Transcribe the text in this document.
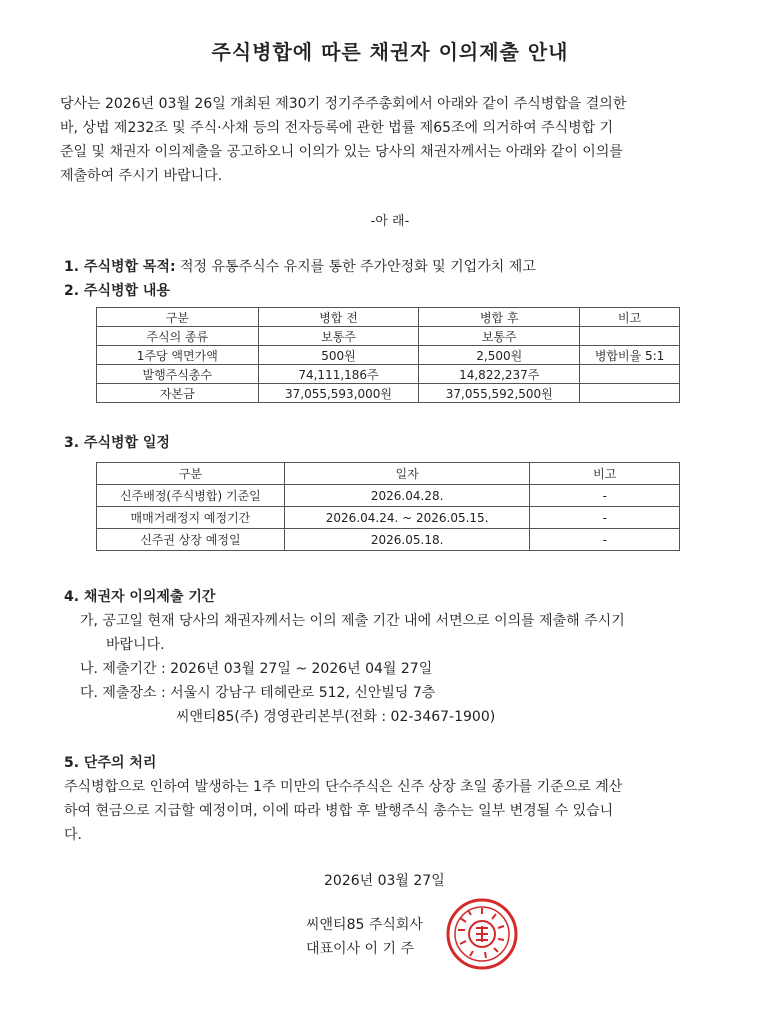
주식병합에 따른 채권자 이의제출 안내
당사는 2026년 03월 26일 개최된 제30기 정기주주총회에서 아래와 같이 주식병합을 결의한
바, 상법 제232조 및 주식·사채 등의 전자등록에 관한 법률 제65조에 의거하여 주식병합 기
준일 및 채권자 이의제출을 공고하오니 이의가 있는 당사의 채권자께서는 아래와 같이 이의를
제출하여 주시기 바랍니다.
-아 래-
1. 주식병합 목적: 적정 유통주식수 유지를 통한 주가안정화 및 기업가치 제고
2. 주식병합 내용
구분	병합 전	병합 후	비고
주식의 종류	보통주	보통주	
1주당 액면가액	500원	2,500원	병합비율 5:1
발행주식총수	74,111,186주	14,822,237주	
자본금	37,055,593,000원	37,055,592,500원	
3. 주식병합 일정
구분	일자	비고
신주배정(주식병합) 기준일	2026.04.28.	-
매매거래정지 예정기간	2026.04.24. ~ 2026.05.15.	-
신주권 상장 예정일	2026.05.18.	-
4. 채권자 이의제출 기간
가, 공고일 현재 당사의 채권자께서는 이의 제출 기간 내에 서면으로 이의를 제출해 주시기
바랍니다.
나. 제출기간 : 2026년 03월 27일 ~ 2026년 04월 27일
다. 제출장소 : 서울시 강남구 테헤란로 512, 신안빌딩 7층
씨앤티85(주) 경영관리본부(전화 : 02-3467-1900)
5. 단주의 처리
주식병합으로 인하여 발생하는 1주 미만의 단수주식은 신주 상장 초일 종가를 기준으로 계산
하여 현금으로 지급할 예정이며, 이에 따라 병합 후 발행주식 총수는 일부 변경될 수 있습니
다.
2026년 03월 27일
씨앤티85 주식회사
대표이사 이 기 주
